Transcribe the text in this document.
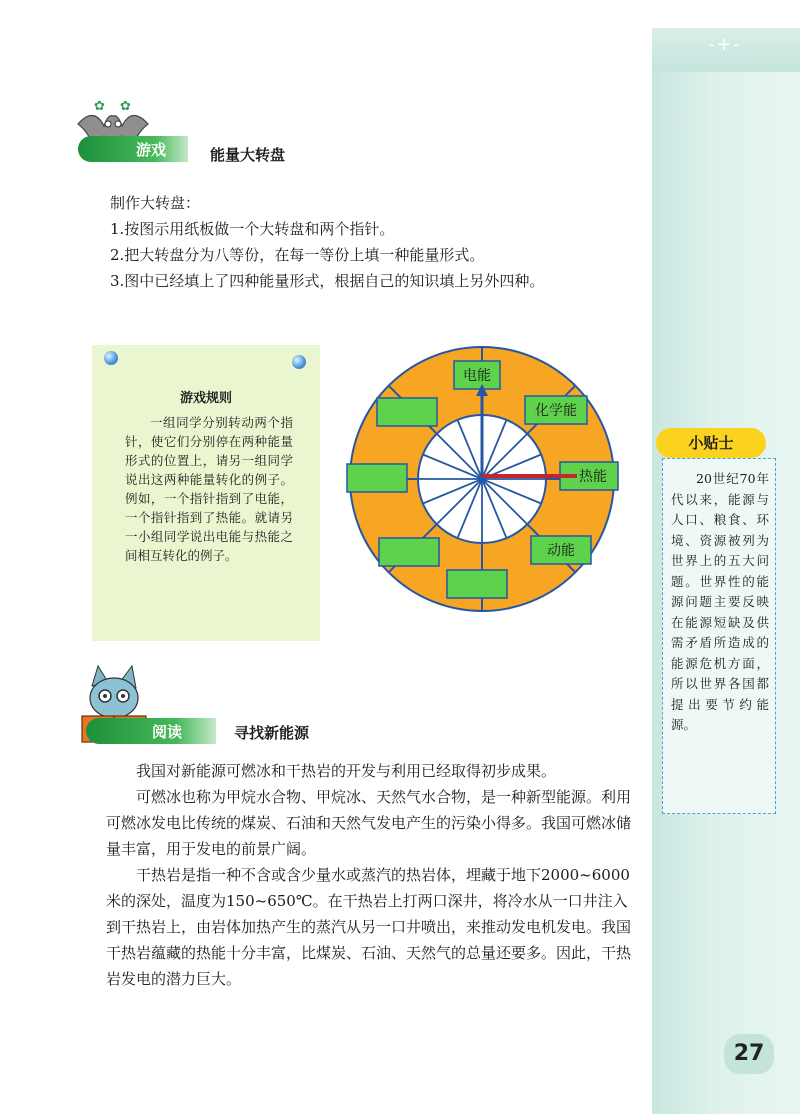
- + -
✿ ✿
游戏	能量大转盘

制作大转盘：

1.按图示用纸板做一个大转盘和两个指针。

2.把大转盘分为八等份，在每一等份上填一种能量形式。

3.图中已经填上了四种能量形式，根据自己的知识填上另外四种。

游戏规则
一组同学分别转动两个指针，使它们分别停在两种能量形式的位置上，请另一组同学说出这两种能量转化的例子。例如，一个指针指到了电能，一个指针指到了热能。就请另一小组同学说出电能与热能之间相互转化的例子。
电能
化学能
热能
动能
阅读	寻找新能源

我国对新能源可燃冰和干热岩的开发与利用已经取得初步成果。

可燃冰也称为甲烷水合物、甲烷冰、天然气水合物，是一种新型能源。利用可燃冰发电比传统的煤炭、石油和天然气发电产生的污染小得多。我国可燃冰储量丰富，用于发电的前景广阔。

干热岩是指一种不含或含少量水或蒸汽的热岩体，埋藏于地下2000~6000米的深处，温度为150~650℃。在干热岩上打两口深井，将冷水从一口井注入到干热岩上，由岩体加热产生的蒸汽从另一口井喷出，来推动发电机发电。我国干热岩蕴藏的热能十分丰富，比煤炭、石油、天然气的总量还要多。因此，干热岩发电的潜力巨大。

小贴士
20世纪70年代以来，能源与人口、粮食、环境、资源被列为世界上的五大问题。世界性的能源问题主要反映在能源短缺及供需矛盾所造成的能源危机方面，所以世界各国都提出要节约能源。
27
